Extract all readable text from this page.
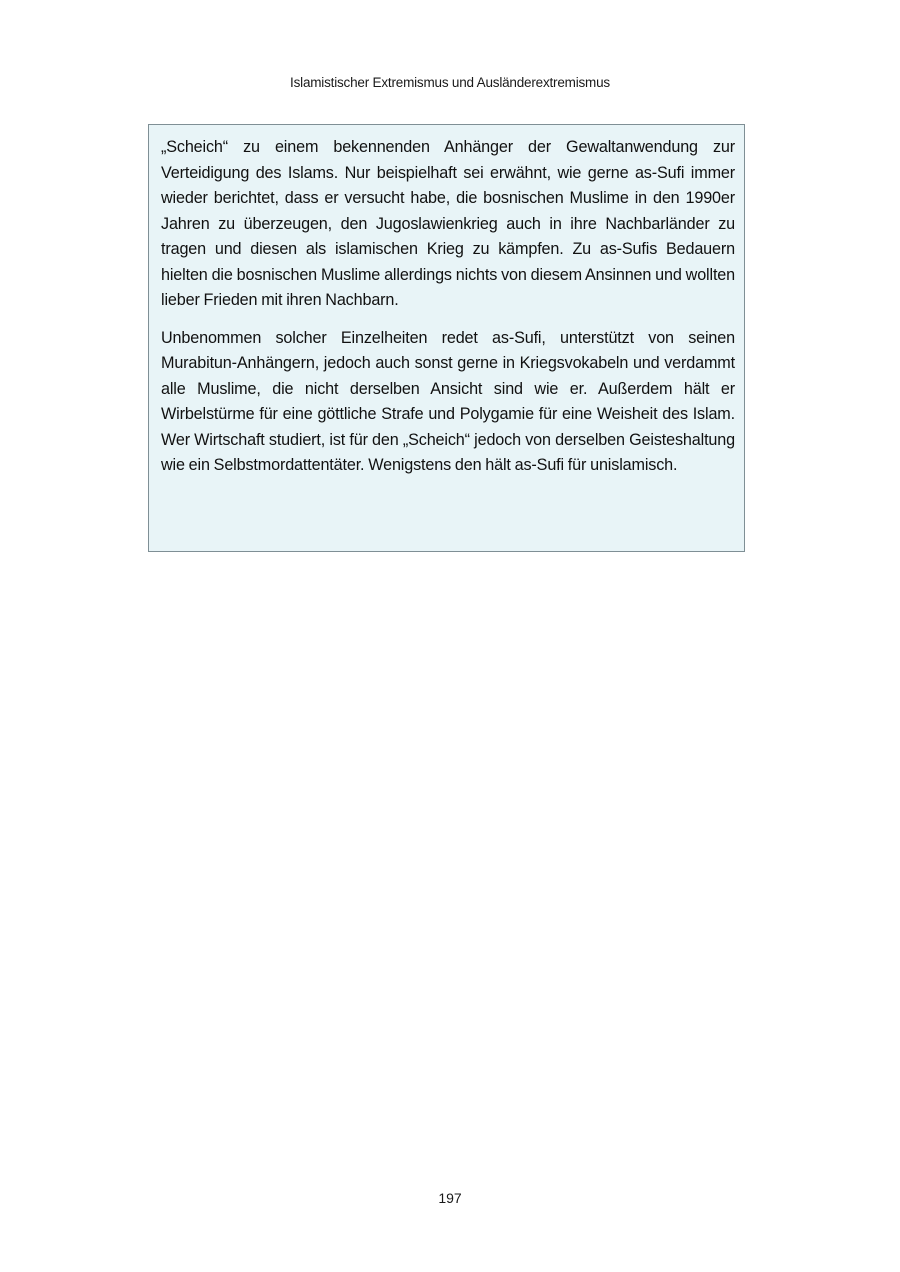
Islamistischer Extremismus und Ausländerextremismus

„Scheich“ zu einem bekennenden Anhänger der Gewaltanwendung zur Verteidigung des Islams. Nur beispielhaft sei erwähnt, wie gerne as-Sufi immer wieder berichtet, dass er versucht habe, die bosnischen Muslime in den 1990er Jahren zu überzeugen, den Jugoslawienkrieg auch in ihre Nachbarländer zu tragen und diesen als islamischen Krieg zu kämpfen. Zu as-Sufis Bedauern hielten die bosnischen Muslime allerdings nichts von diesem Ansinnen und wollten lieber Frieden mit ihren Nachbarn.

Unbenommen solcher Einzelheiten redet as-Sufi, unterstützt von seinen Murabitun-Anhängern, jedoch auch sonst gerne in Kriegsvokabeln und verdammt alle Muslime, die nicht derselben Ansicht sind wie er. Außerdem hält er Wirbelstürme für eine göttliche Strafe und Polygamie für eine Weisheit des Islam. Wer Wirtschaft studiert, ist für den „Scheich“ jedoch von derselben Geisteshaltung wie ein Selbstmordattentäter. Wenigstens den hält as-Sufi für unislamisch.

197
